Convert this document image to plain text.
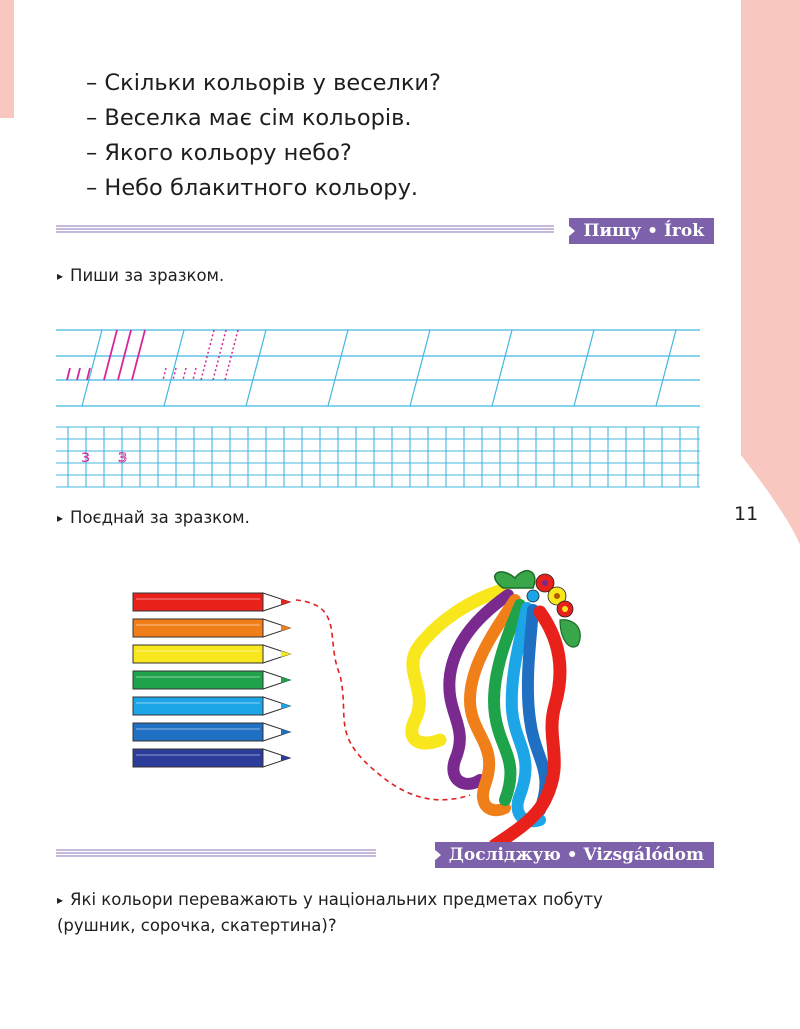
– Скільки кольорів у веселки?
– Веселка має сім кольорів.
– Якого кольору небо?
– Небо блакитного кольору.
Пишу • Írok
▸ Пиши за зразком.
з з
11
▸ Поєднай за зразком.
Досліджую • Vizsgálódom
▸ Які кольори переважають у національних предметах побуту
(рушник, сорочка, скатертина)?
